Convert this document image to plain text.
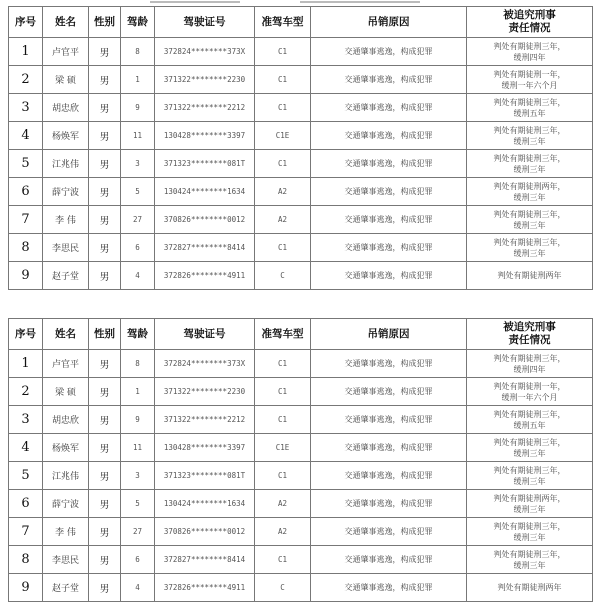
序号	姓名	性别	驾龄	驾驶证号	准驾车型	吊销原因	被追究刑事
责任情况
1	卢官平	男	8	372824********373X	C1	交通肇事逃逸，构成犯罪	判处有期徒刑三年，
缓刑四年

2	梁 硕	男	1	371322********2230	C1	交通肇事逃逸，构成犯罪	判处有期徒刑一年，
缓刑一年六个月

3	胡忠欣	男	9	371322********2212	C1	交通肇事逃逸，构成犯罪	判处有期徒刑三年，
缓刑五年

4	杨焕军	男	11	130428********3397	C1E	交通肇事逃逸，构成犯罪	判处有期徒刑三年，
缓刑三年

5	江兆伟	男	3	371323********081T	C1	交通肇事逃逸，构成犯罪	判处有期徒刑三年，
缓刑三年

6	薛宁波	男	5	130424********1634	A2	交通肇事逃逸，构成犯罪	判处有期徒刑两年，
缓刑三年

7	李 伟	男	27	370826********0012	A2	交通肇事逃逸，构成犯罪	判处有期徒刑三年，
缓刑三年

8	李思民	男	6	372827********8414	C1	交通肇事逃逸，构成犯罪	判处有期徒刑三年，
缓刑三年

9	赵子堂	男	4	372826********4911	C	交通肇事逃逸，构成犯罪	判处有期徒刑两年
序号	姓名	性别	驾龄	驾驶证号	准驾车型	吊销原因	被追究刑事
责任情况
1	卢官平	男	8	372824********373X	C1	交通肇事逃逸，构成犯罪	判处有期徒刑三年，
缓刑四年

2	梁 硕	男	1	371322********2230	C1	交通肇事逃逸，构成犯罪	判处有期徒刑一年，
缓刑一年六个月

3	胡忠欣	男	9	371322********2212	C1	交通肇事逃逸，构成犯罪	判处有期徒刑三年，
缓刑五年

4	杨焕军	男	11	130428********3397	C1E	交通肇事逃逸，构成犯罪	判处有期徒刑三年，
缓刑三年

5	江兆伟	男	3	371323********081T	C1	交通肇事逃逸，构成犯罪	判处有期徒刑三年，
缓刑三年

6	薛宁波	男	5	130424********1634	A2	交通肇事逃逸，构成犯罪	判处有期徒刑两年，
缓刑三年

7	李 伟	男	27	370826********0012	A2	交通肇事逃逸，构成犯罪	判处有期徒刑三年，
缓刑三年

8	李思民	男	6	372827********8414	C1	交通肇事逃逸，构成犯罪	判处有期徒刑三年，
缓刑三年

9	赵子堂	男	4	372826********4911	C	交通肇事逃逸，构成犯罪	判处有期徒刑两年
